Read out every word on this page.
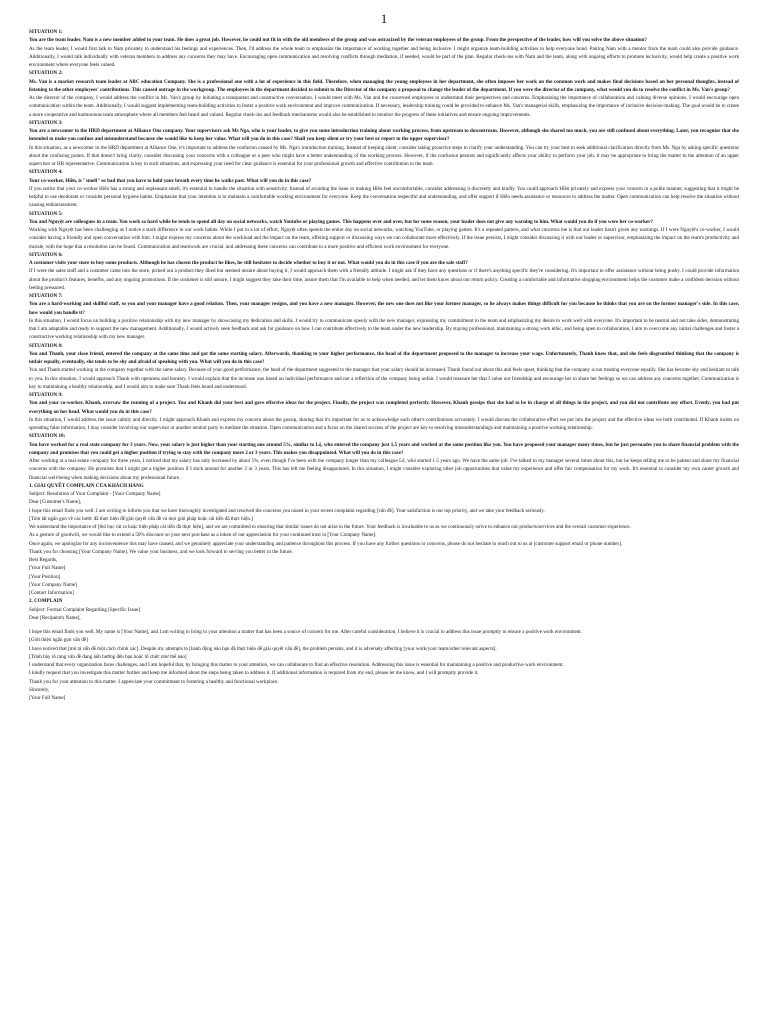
1

SITUATION 1:

You are the team leader. Nam is a new member added to your team. He does a great job. However, he could not fit in with the old members of the group and was ostracized by the veteran employees of the group. From the perspective of the leader, how will you solve the above situation?

As the team leader, I would first talk to Nam privately to understand his feelings and experiences. Then, I'd address the whole team to emphasize the importance of working together and being inclusive. I might organize team-building activities to help everyone bond. Pairing Nam with a mentor from the team could also provide guidance. Additionally, I would talk individually with veteran members to address any concerns they may have. Encouraging open communication and resolving conflicts through mediation, if needed, would be part of the plan. Regular check-ins with Nam and the team, along with ongoing efforts to promote inclusivity, would help create a positive work environment where everyone feels valued.

SITUATION 2:

Ms. Van is a market research team leader at ABC education Company. She is a professional one with a lot of experience in this field. Therefore, when managing the young employees in her department, she often imposes her work on the common work and makes final decisions based on her personal thoughts, instead of listening to the other employees' contributions. This caused outrage in the workgroup. The employees in the department decided to submit to the Director of the company a proposal to change the leader of the department. If you were the director of the company, what would you do to resolve the conflict in Ms. Van's group?

As the director of the company, I would address the conflict in Ms. Van's group by initiating a transparent and constructive conversation. I would meet with Ms. Van and the concerned employees to understand their perspectives and concerns. Emphasizing the importance of collaboration and valuing diverse opinions, I would encourage open communication within the team. Additionally, I would suggest implementing team-building activities to foster a positive work environment and improve communication. If necessary, leadership training could be provided to enhance Ms. Van's managerial skills, emphasizing the importance of inclusive decision-making. The goal would be to create a more cooperative and harmonious team atmosphere where all members feel heard and valued. Regular check-ins and feedback mechanisms would also be established to monitor the progress of these initiatives and ensure ongoing improvements.

SITUATION 3:

You are a newcomer to the HRD department at Alliance One company. Your supervisors ask Ms Nga, who is your leader, to give you some introduction training about working process, from upstream to downstream. However, although she shared too much, you are still confused about everything. Later, you recognize that she intended to make you confuse and misunderstand because she would like to keep her value. What will you do in this case? Shall you keep silent or try your best or report to the upper supervisor?

In this situation, as a newcomer in the HRD department at Alliance One, it's important to address the confusion caused by Ms. Nga's introduction training. Instead of keeping silent, consider taking proactive steps to clarify your understanding. You can try your best to seek additional clarification directly from Ms. Nga by asking specific questions about the confusing points. If that doesn't bring clarity, consider discussing your concerns with a colleague or a peer who might have a better understanding of the working process. However, if the confusion persists and significantly affects your ability to perform your job, it may be appropriate to bring the matter to the attention of an upper supervisor or HR representative. Communication is key in such situations, and expressing your need for clear guidance is essential for your professional growth and effective contribution to the team.

SITUATION 4:

Your co-worker, Hiền, is "smell" so bad that you have to hold your breath every time he walks past. What will you do in this case?

If you notice that your co-worker Hiền has a strong and unpleasant smell, it's essential to handle the situation with sensitivity. Instead of avoiding the issue or making Hiền feel uncomfortable, consider addressing it discreetly and kindly. You could approach Hiền privately and express your concern in a polite manner, suggesting that it might be helpful to use deodorant or consider personal hygiene habits. Emphasize that your intention is to maintain a comfortable working environment for everyone. Keep the conversation respectful and understanding, and offer support if Hiền needs assistance or resources to address the matter. Open communication can help resolve the situation without causing embarrassment.

SITUATION 5:

You and Nguyệt are colleagues in a team. You work so hard while he tends to spend all day on social networks, watch Youtube or playing games. This happens over and over, but for some reason, your leader does not give any warning to him. What would you do if you were her co-worker?

Working with Nguyệt has been challenging as I notice a stark difference in our work habits. While I put in a lot of effort, Nguyệt often spends the entire day on social networks, watching YouTube, or playing games. It's a repeated pattern, and what concerns me is that our leader hasn't given any warnings. If I were Nguyệt's co-worker, I would consider having a friendly and open conversation with him. I might express my concerns about the workload and the impact on the team, offering support or discussing ways we can collaborate more effectively. If the issue persists, I might consider discussing it with our leader or supervisor, emphasizing the impact on the team's productivity and morale, with the hope that a resolution can be found. Communication and teamwork are crucial, and addressing these concerns can contribute to a more positive and efficient work environment for everyone.

SITUATION 6:

A customer visits your store to buy some products. Although he has chosen the product he likes, he still hesitates to decide whether to buy it or not. What would you do in this case if you are the sale staff?

If I were the sales staff and a customer came into the store, picked out a product they liked but seemed unsure about buying it, I would approach them with a friendly attitude. I might ask if they have any questions or if there's anything specific they're considering. It's important to offer assistance without being pushy. I could provide information about the product's features, benefits, and any ongoing promotions. If the customer is still unsure, I might suggest they take their time, assure them that I'm available to help when needed, and let them know about our return policy. Creating a comfortable and informative shopping environment helps the customer make a confident decision without feeling pressured.

SITUATION 7:

You are a hard-working and skillful staff, so you and your manager have a good relation. Then, your manager resigns, and you have a new manager. However, the new one does not like your former manager, so he always makes things difficult for you because he thinks that you are on the former manager's side. In this case, how would you handle it?

In this situation, I would focus on building a positive relationship with my new manager by showcasing my dedication and skills. I would try to communicate openly with the new manager, expressing my commitment to the team and emphasizing my desire to work well with everyone. It's important to be neutral and not take sides, demonstrating that I am adaptable and ready to support the new management. Additionally, I would actively seek feedback and ask for guidance on how I can contribute effectively to the team under the new leadership. By staying professional, maintaining a strong work ethic, and being open to collaboration, I aim to overcome any initial challenges and foster a constructive working relationship with my new manager.

SITUATION 8:

You and Thanh, your close friend, entered the company at the same time and got the same starting salary. Afterwards, thanking to your higher performance, the head of the department proposed to the manager to increase your wage. Unfortunately, Thanh knew that, and she feels disgruntled thinking that the company is unfair equally, eventually, she tends to be shy and afraid of speaking with you. What will you do in this case?

You and Thanh started working at the company together with the same salary. Because of your good performance, the head of the department suggested to the manager that your salary should be increased. Thanh found out about this and feels upset, thinking that the company is not treating everyone equally. She has become shy and hesitant to talk to you. In this situation, I would approach Thanh with openness and honesty. I would explain that the increase was based on individual performance and not a reflection of the company being unfair. I would reassure her that I value our friendship and encourage her to share her feelings so we can address any concerns together. Communication is key to maintaining a healthy relationship, and I would aim to make sure Thanh feels heard and understood.

SITUATION 9:

You and your co-worker, Khanh, oversaw the running of a project. You and Khanh did your best and gave effective ideas for the project. Finally, the project was completed perfectly. However, Khanh gossips that she had to be in charge of all things in the project, and you did not contribute any effort. Evenly, you had put everything on her head. What would you do in this case?

In this situation, I would address the issue calmly and directly. I might approach Khanh and express my concern about the gossip, sharing that it's important for us to acknowledge each other's contributions accurately. I would discuss the collaborative effort we put into the project and the effective ideas we both contributed. If Khanh insists on spreading false information, I may consider involving our supervisor or another neutral party to mediate the situation. Open communication and a focus on the shared success of the project are key to resolving misunderstandings and maintaining a positive working relationship.

SITUATION 10:

You have worked for a real state company for 3 years. Now, your salary is just higher than your starting one around 5%, similar to Lệ, who entered the company just 1,5 years and worked at the same position like you. You have proposed your manager many times, but he just persuades you to share financial problem with the company and promises that you could get a higher position if trying to stay with the company more 2 or 3 years. This makes you disappointed. What will you do in this case?

After working at a real estate company for three years, I noticed that my salary has only increased by about 5%, even though I've been with the company longer than my colleague Lệ, who started 1.5 years ago. We have the same job. I've talked to my manager several times about this, but he keeps telling me to be patient and share my financial concerns with the company. He promises that I might get a higher position if I stick around for another 2 or 3 years. This has left me feeling disappointed. In this situation, I might consider exploring other job opportunities that value my experience and offer fair compensation for my work. It's essential to consider my own career growth and financial well-being when making decisions about my professional future.

1. GIẢI QUYẾT COMPLAIN CỦA KHÁCH HÀNG

Subject: Resolution of Your Complaint - [Your Company Name]

Dear [Customer's Name],

I hope this email finds you well. I am writing to inform you that we have thoroughly investigated and resolved the concerns you raised in your recent complaint regarding [vấn đề]. Your satisfaction is our top priority, and we take your feedback seriously.

[Tóm tắt ngắn gọn về các bước đã thực hiện để giải quyết vấn đề và mọi giải pháp hoặc cải tiến đã thực hiện.]

We understand the importance of [thủ bục rút ra hoặc biện pháp cải tiến đã thực hiện], and we are committed to ensuring that similar issues do not arise in the future. Your feedback is invaluable to us as we continuously strive to enhance our products/services and the overall customer experience.

As a gesture of goodwill, we would like to extend a 50% discount on your next purchase as a token of our appreciation for your continued trust in [Your Company Name].

Once again, we apologize for any inconvenience this may have caused, and we genuinely appreciate your understanding and patience throughout this process. If you have any further questions or concerns, please do not hesitate to reach out to us at [customer support email or phone number].

Thank you for choosing [Your Company Name]. We value your business, and we look forward to serving you better in the future.

Best Regards,

[Your Full Name]

[Your Position]

[Your Company Name]

[Contact Information]

2. COMPLAIN

Subject: Formal Complaint Regarding [Specific Issue]

Dear [Recipient's Name],

I hope this email finds you well. My name is [Your Name], and I am writing to bring to your attention a matter that has been a source of concern for me. After careful consideration, I believe it is crucial to address this issue promptly to ensure a positive work environment.

[Giới thiệu ngắn gọn vấn đề]

I have noticed that [mô tả vấn đề một cách chính xác]. Despite my attempts to [hành động nào bạn đã thực hiện để giải quyết vấn đề], the problem persists, and it is adversely affecting [your work/your team/other relevant aspects].

[Trình bày rõ ràng vấn đề đang ảnh hưởng đến bạn hoặc tổ chức như thế nào]

I understand that every organization faces challenges, and I am hopeful that, by bringing this matter to your attention, we can collaborate to find an effective resolution. Addressing this issue is essential for maintaining a positive and productive work environment.

I kindly request that you investigate this matter further and keep me informed about the steps being taken to address it. If additional information is required from my end, please let me know, and I will promptly provide it.

Thank you for your attention to this matter. I appreciate your commitment to fostering a healthy and functional workplace.

Sincerely,

[Your Full Name]
